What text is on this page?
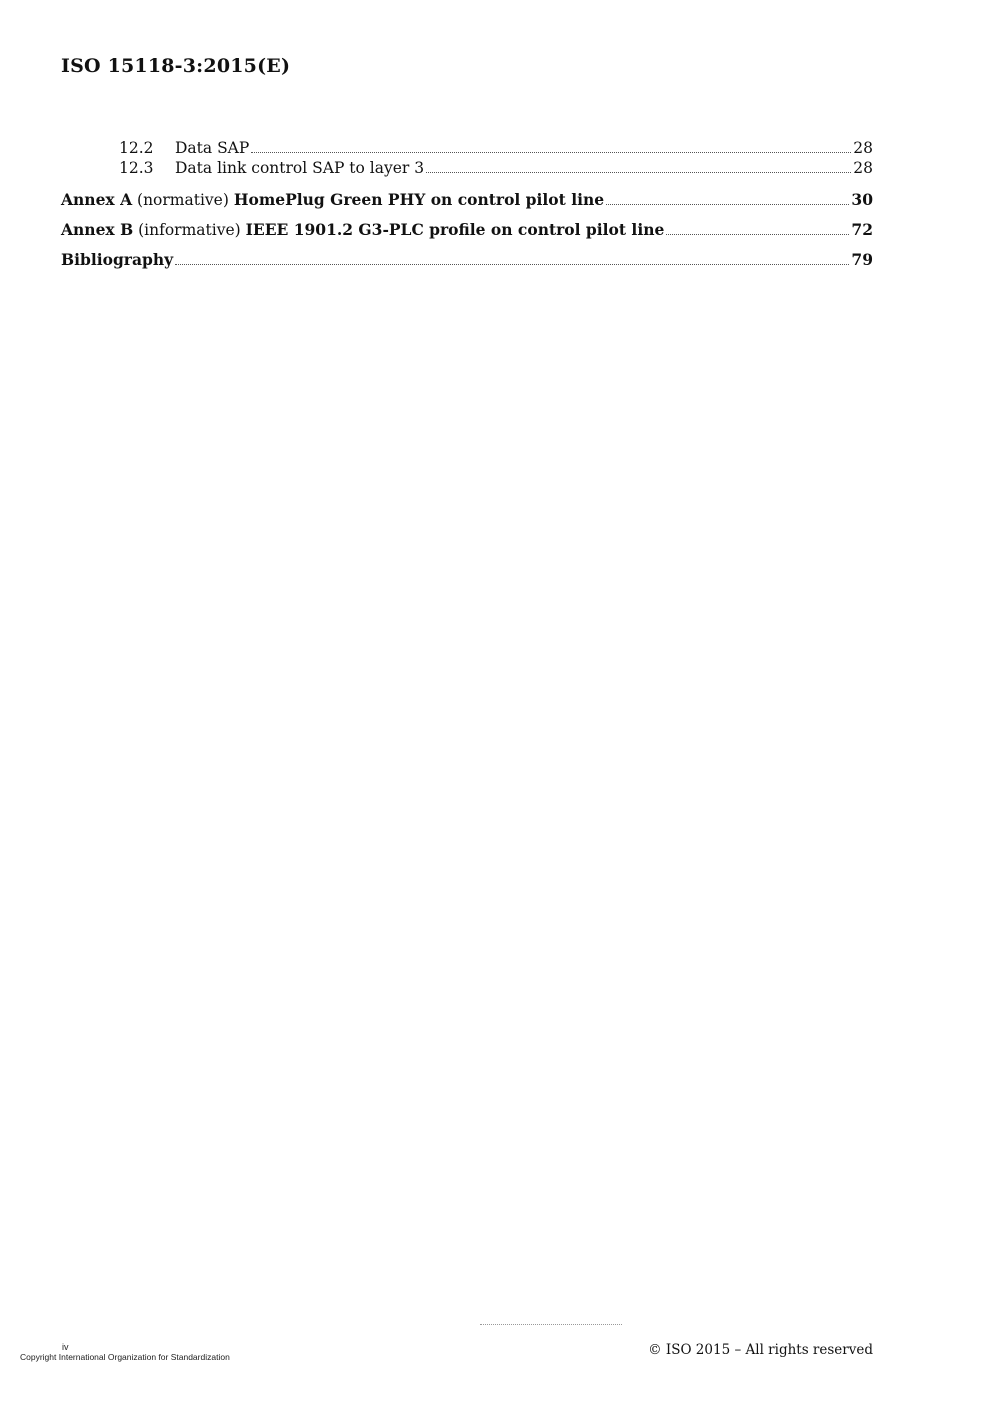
ISO 15118-3:2015(E)
12.2	Data SAP	28
12.3	Data link control SAP to layer 3	28
Annex A (normative) HomePlug Green PHY on control pilot line	30
Annex B (informative) IEEE 1901.2 G3-PLC profile on control pilot line	72
Bibliography	79
iv
Copyright International Organization for Standardization	© ISO 2015 – All rights reserved
